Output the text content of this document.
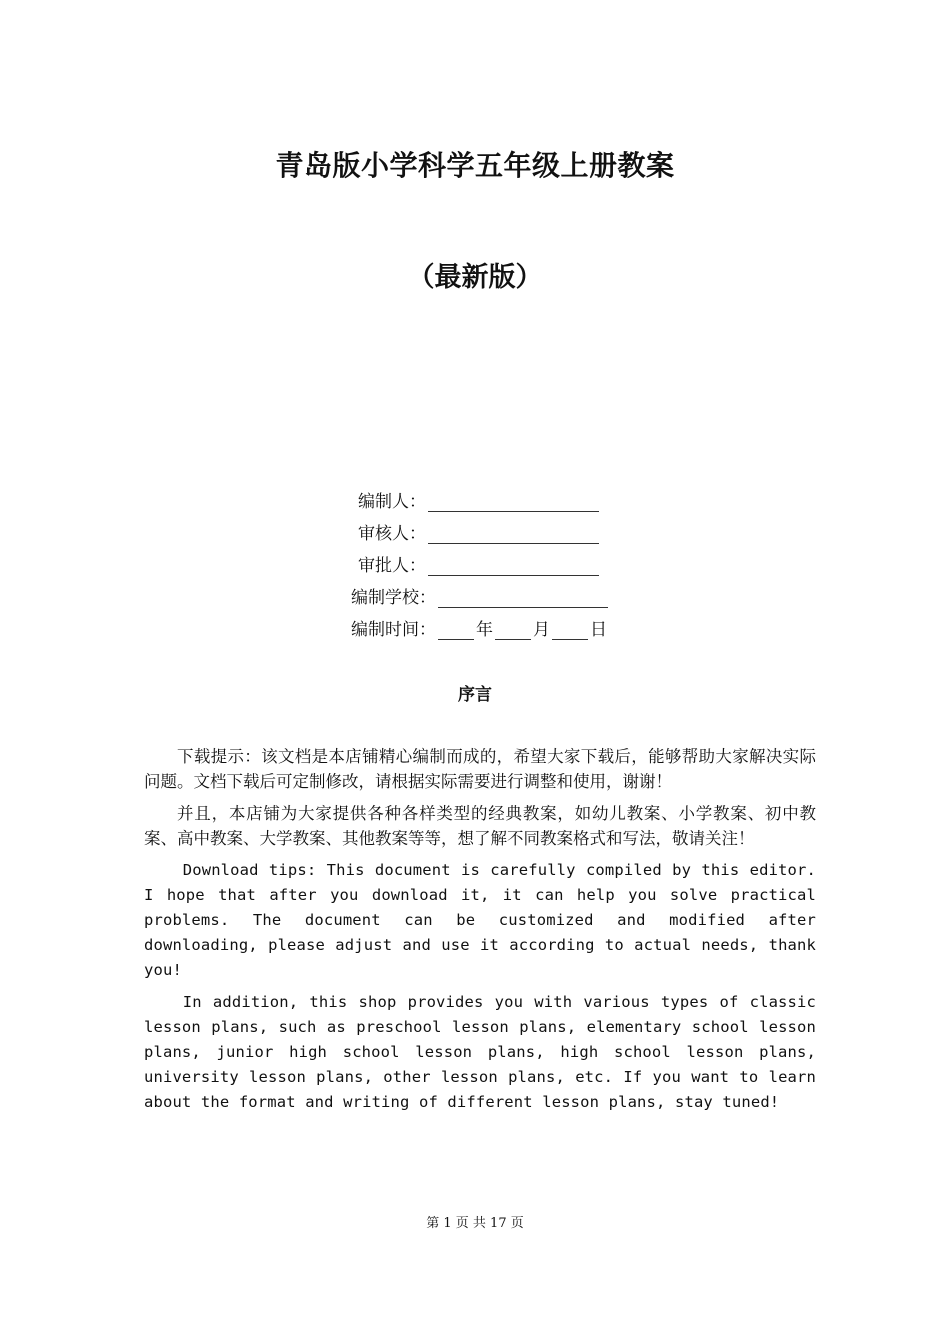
青岛版小学科学五年级上册教案
（最新版）
编制人：
审核人：
审批人：
编制学校：
编制时间： 年 月 日
序言

下载提示：该文档是本店铺精心编制而成的，希望大家下载后，能够帮助大家解决实际问题。文档下载后可定制修改，请根据实际需要进行调整和使用，谢谢！

并且，本店铺为大家提供各种各样类型的经典教案，如幼儿教案、小学教案、初中教案、高中教案、大学教案、其他教案等等，想了解不同教案格式和写法，敬请关注！

Download tips: This document is carefully compiled by this editor. I hope that after you download it, it can help you solve practical problems. The document can be customized and modified after downloading, please adjust and use it according to actual needs, thank you!

In addition, this shop provides you with various types of classic lesson plans, such as preschool lesson plans, elementary school lesson plans, junior high school lesson plans, high school lesson plans, university lesson plans, other lesson plans, etc. If you want to learn about the format and writing of different lesson plans, stay tuned!

第 1 页 共 17 页
